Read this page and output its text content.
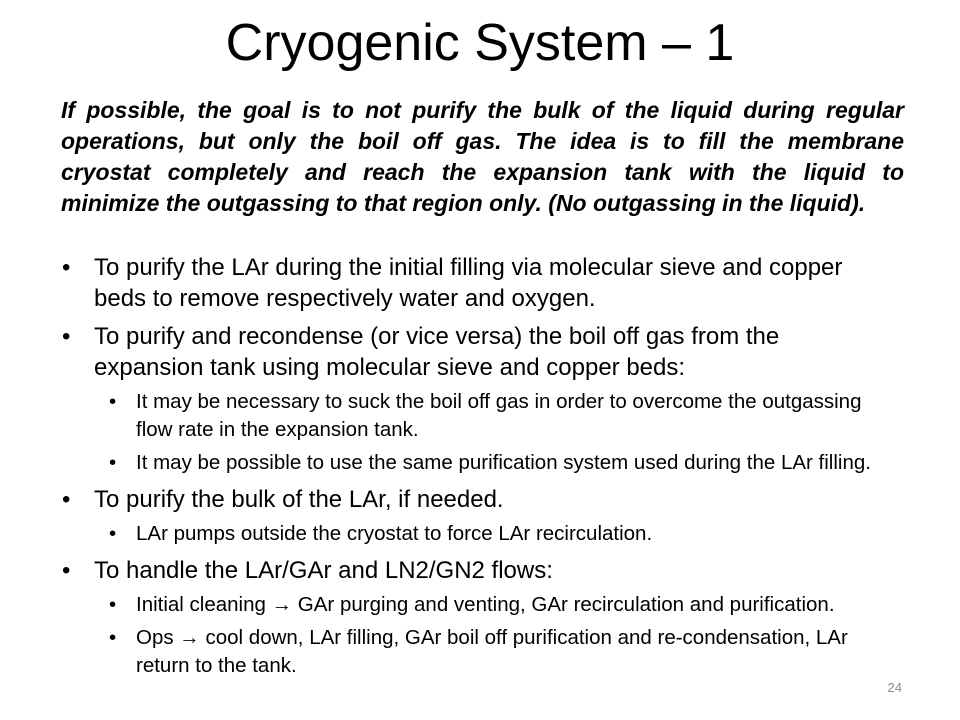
Cryogenic System – 1
If possible, the goal is to not purify the bulk of the liquid during regular
operations, but only the boil off gas. The idea is to fill the membrane
cryostat completely and reach the expansion tank with the liquid to
minimize the outgassing to that region only. (No outgassing in the liquid).
•
To purify the LAr during the initial filling via molecular sieve and copper
beds to remove respectively water and oxygen.
•
To purify and recondense (or vice versa) the boil off gas from the
expansion tank using molecular sieve and copper beds:
•
It may be necessary to suck the boil off gas in order to overcome the outgassing
flow rate in the expansion tank.
•
It may be possible to use the same purification system used during the LAr filling.
•
To purify the bulk of the LAr, if needed.
•
LAr pumps outside the cryostat to force LAr recirculation.
•
To handle the LAr/GAr and LN2/GN2 flows:
•
Initial cleaning → GAr purging and venting, GAr recirculation and purification.
•
Ops → cool down, LAr filling, GAr boil off purification and re-condensation, LAr
return to the tank.
24
